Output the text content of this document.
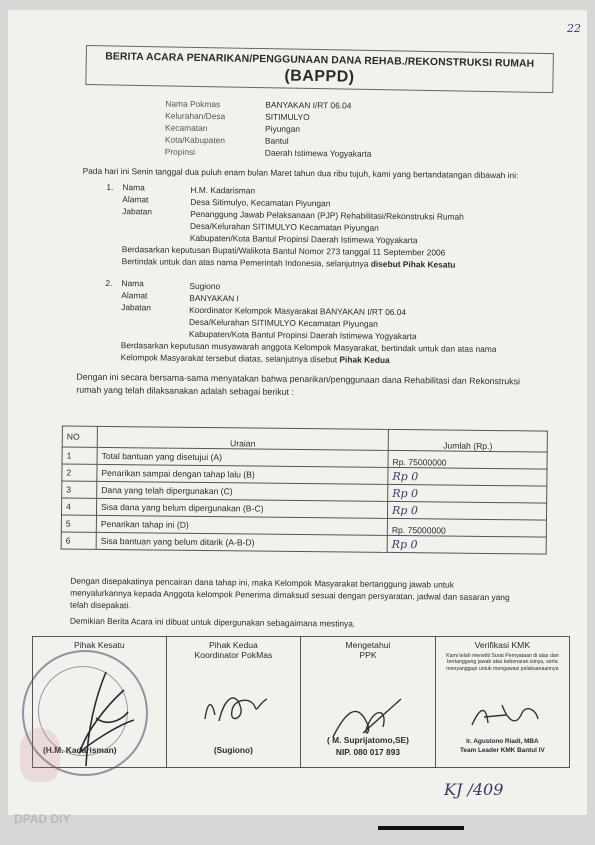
22
BERITA ACARA PENARIKAN/PENGGUNAAN DANA REHAB./REKONSTRUKSI RUMAH
(BAPPD)
Nama Pokmas	BANYAKAN I/RT 06.04
Kelurahan/Desa	SITIMULYO
Kecamatan	Piyungan
Kota/Kabupaten	Bantul
Propinsi	Daerah Istimewa Yogyakarta
Pada hari ini Senin tanggal dua puluh enam bulan Maret tahun dua ribu tujuh, kami yang bertandatangan dibawah ini:
1. Nama	H.M. Kadarisman
Alamat	Desa Sitimulyo, Kecamatan Piyungan
Jabatan	Penanggung Jawab Pelaksanaan (PJP) Rehabilitasi/Rekonstruksi Rumah
Desa/Kelurahan SITIMULYO Kecamatan Piyungan
Kabupaten/Kota Bantul Propinsi Daerah Istimewa Yogyakarta
Berdasarkan keputusan Bupati/Walikota Bantul Nomor 273 tanggal 11 September 2006
Bertindak untuk dan atas nama Pemerintah Indonesia, selanjutnya disebut Pihak Kesatu
2. Nama	Sugiono
Alamat	BANYAKAN I
Jabatan	Koordinator Kelompok Masyarakat BANYAKAN I/RT 06.04
Desa/Kelurahan SITIMULYO Kecamatan Piyungan
Kabupaten/Kota Bantul Propinsi Daerah Istimewa Yogyakarta
Berdasarkan keputusan musyawarah anggota Kelompok Masyarakat, bertindak untuk dan atas nama
Kelompok Masyarakat tersebut diatas, selanjutnya disebut Pihak Kedua
Dengan ini secara bersama-sama menyatakan bahwa penarikan/penggunaan dana Rehabilitasi dan Rekonstruksi
rumah yang telah dilaksanakan adalah sebagai berikut :
NO	Uraian	Jumlah (Rp.)
1	Total bantuan yang disetujui (A)	Rp. 75000000
2	Penarikan sampai dengan tahap lalu (B)	Rp 0
3	Dana yang telah dipergunakan (C)	Rp 0
4	Sisa dana yang belum dipergunakan (B-C)	Rp 0
5	Penarikan tahap ini (D)	Rp. 75000000
6	Sisa bantuan yang belum ditarik (A-B-D)	Rp 0
Dengan disepakatinya pencairan dana tahap ini, maka Kelompok Masyarakat bertanggung jawab untuk
menyalurkannya kepada Anggota kelompok Penerima dimaksud sesuai dengan persyaratan, jadwal dan sasaran yang
telah disepakati.
Demikian Berita Acara ini dibuat untuk dipergunakan sebagaimana mestinya.
Pihak Kesatu
(H.M. Kadarisman)

Pihak Kedua
Koordinator PokMas
(Sugiono)

Mengetahui
PPK
( M. Suprijatomo,SE)
NIP. 080 017 893

Verifikasi KMK
Kami telah meneliti Surat Pernyataan di atas dan bertanggung jawab atas kebenaran isinya, serta menyanggupi untuk mengawasi pelaksanaannya
Ir. Agustono Riadi, MBA
Team Leader KMK Bantul IV
KJ /409
DPAD DIY
